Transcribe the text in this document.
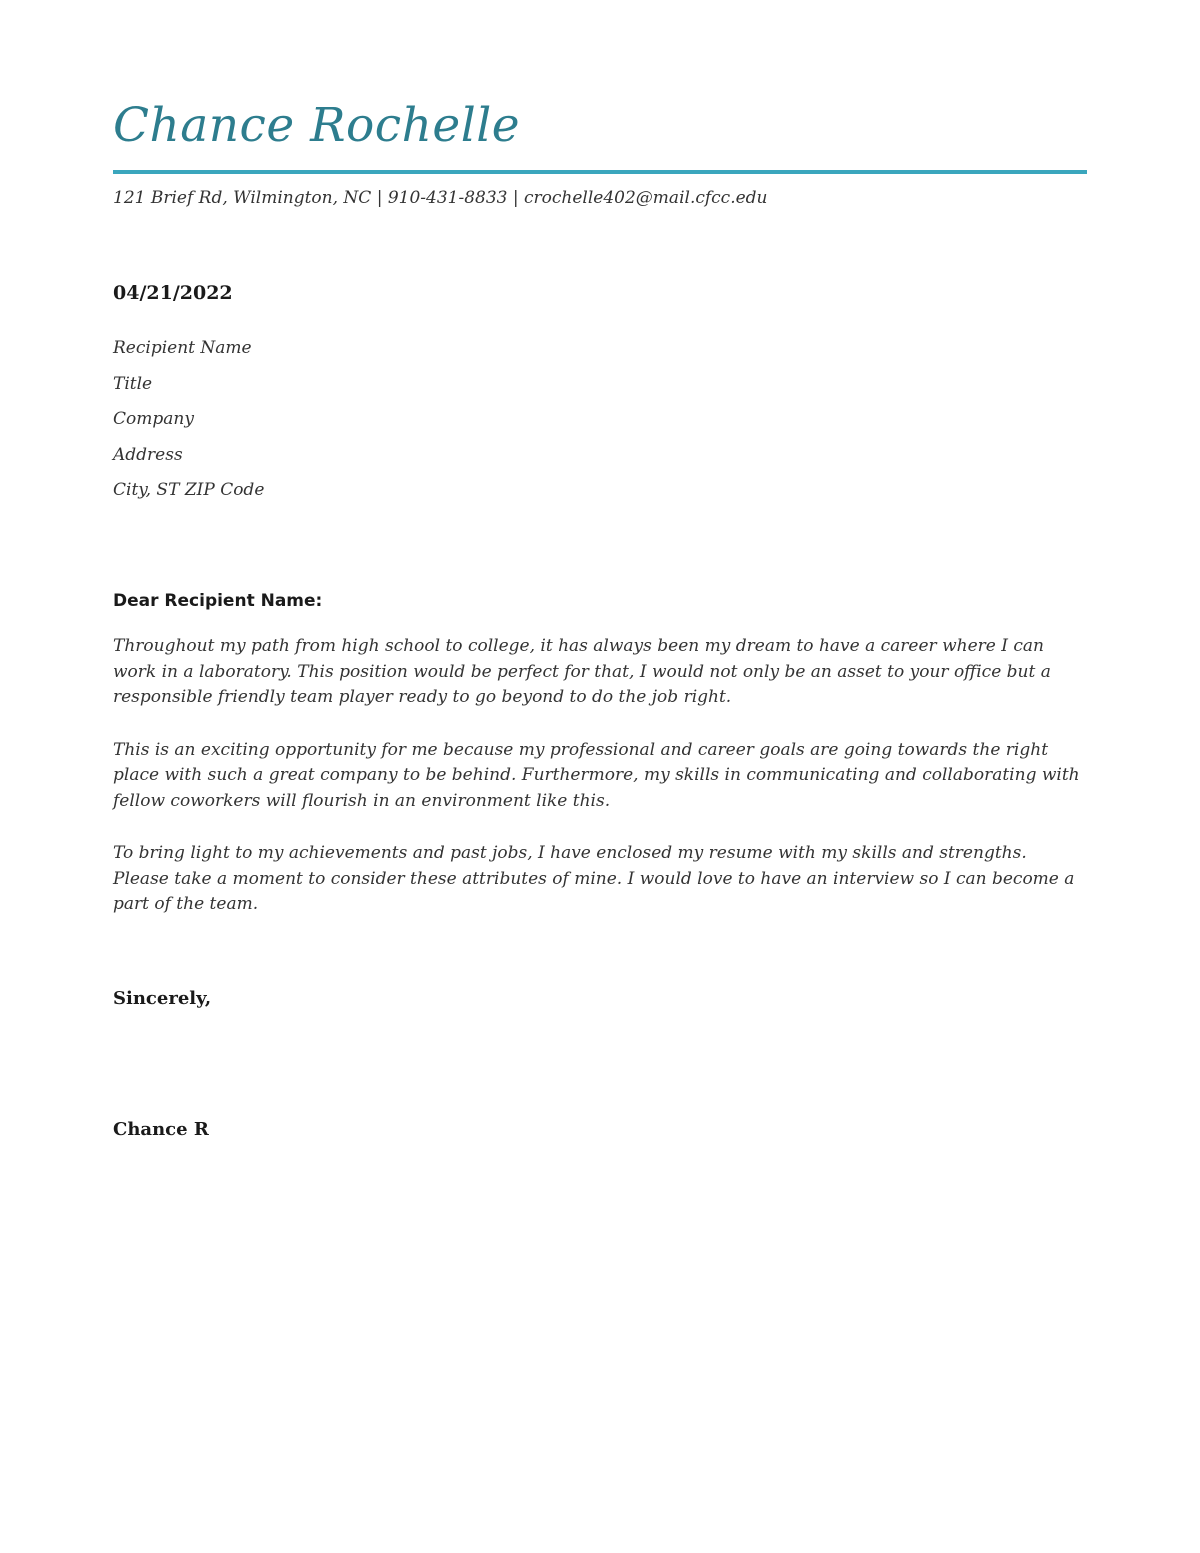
Chance Rochelle
121 Brief Rd, Wilmington, NC | 910-431-8833 | crochelle402@mail.cfcc.edu
04/21/2022
Recipient Name
Title
Company
Address
City, ST ZIP Code
Dear Recipient Name:

Throughout my path from high school to college, it has always been my dream to have a career where I can work in a laboratory. This position would be perfect for that, I would not only be an asset to your office but a responsible friendly team player ready to go beyond to do the job right.

This is an exciting opportunity for me because my professional and career goals are going towards the right place with such a great company to be behind. Furthermore, my skills in communicating and collaborating with fellow coworkers will flourish in an environment like this.

To bring light to my achievements and past jobs, I have enclosed my resume with my skills and strengths. Please take a moment to consider these attributes of mine. I would love to have an interview so I can become a part of the team.

Sincerely,
Chance R
